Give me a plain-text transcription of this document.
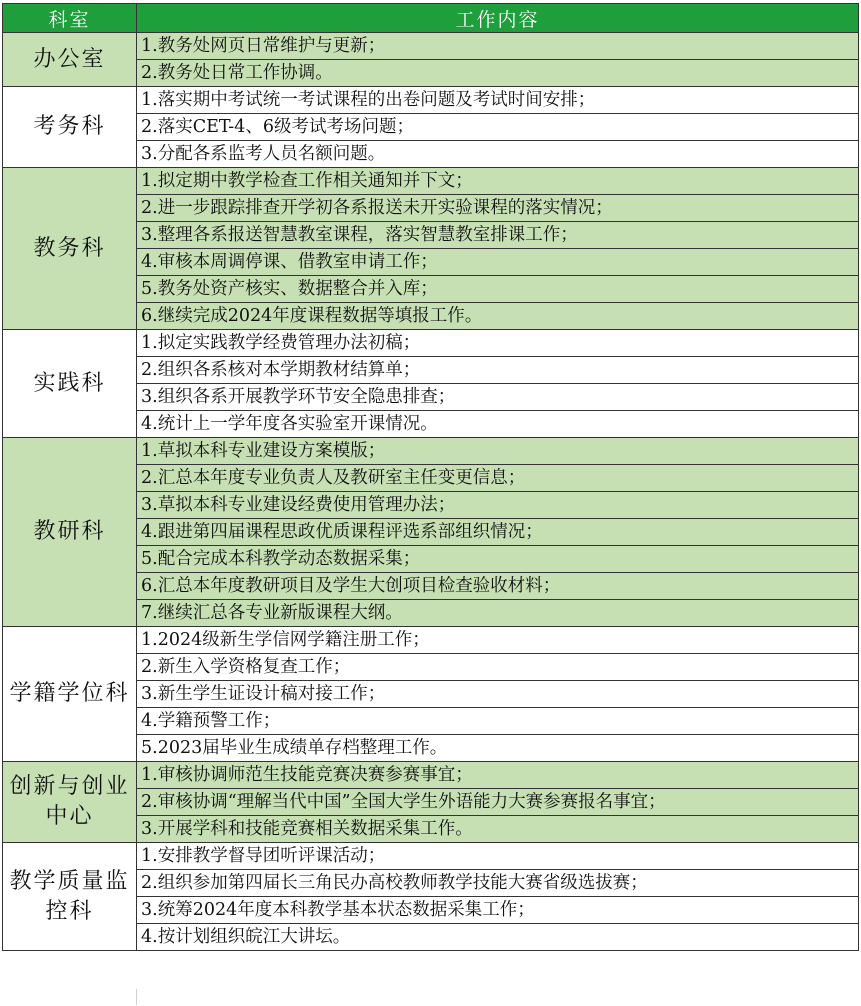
科室	工作内容
办公室	1.教务处网页日常维护与更新；
	2.教务处日常工作协调。
考务科	1.落实期中考试统一考试课程的出卷问题及考试时间安排；
	2.落实CET-4、6级考试考场问题；
	3.分配各系监考人员名额问题。
教务科	1.拟定期中教学检查工作相关通知并下文；
	2.进一步跟踪排查开学初各系报送未开实验课程的落实情况；
	3.整理各系报送智慧教室课程，落实智慧教室排课工作；
	4.审核本周调停课、借教室申请工作；
	5.教务处资产核实、数据整合并入库；
	6.继续完成2024年度课程数据等填报工作。
实践科	1.拟定实践教学经费管理办法初稿；
	2.组织各系核对本学期教材结算单；
	3.组织各系开展教学环节安全隐患排查；
	4.统计上一学年度各实验室开课情况。
教研科	1.草拟本科专业建设方案模版；
	2.汇总本年度专业负责人及教研室主任变更信息；
	3.草拟本科专业建设经费使用管理办法；
	4.跟进第四届课程思政优质课程评选系部组织情况；
	5.配合完成本科教学动态数据采集；
	6.汇总本年度教研项目及学生大创项目检查验收材料；
	7.继续汇总各专业新版课程大纲。
学籍学位科	1.2024级新生学信网学籍注册工作；
	2.新生入学资格复查工作；
	3.新生学生证设计稿对接工作；
	4.学籍预警工作；
	5.2023届毕业生成绩单存档整理工作。
创新与创业
中心	1.审核协调师范生技能竞赛决赛参赛事宜；
	2.审核协调“理解当代中国”全国大学生外语能力大赛参赛报名事宜；
	3.开展学科和技能竞赛相关数据采集工作。
教学质量监
控科	1.安排教学督导团听评课活动；
	2.组织参加第四届长三角民办高校教师教学技能大赛省级选拔赛；
	3.统筹2024年度本科教学基本状态数据采集工作；
	4.按计划组织皖江大讲坛。
